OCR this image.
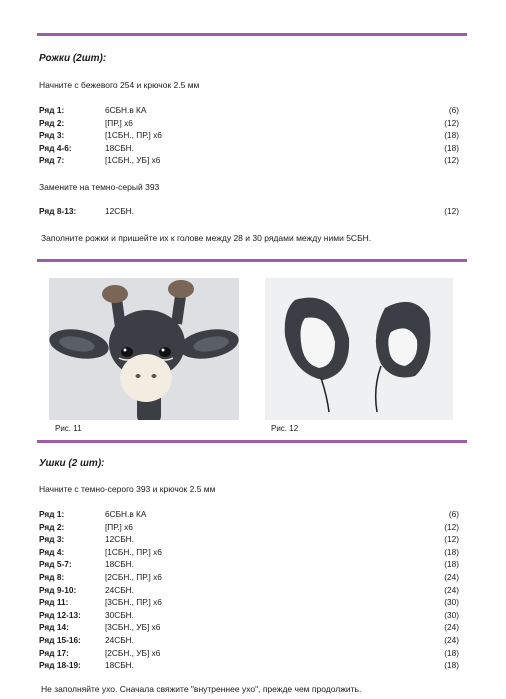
Рожки (2шт):
Начните с бежевого 254 и крючок 2.5 мм
Ряд 1:	6СБН.в КА	(6)
Ряд 2:	[ПР.] х6	(12)
Ряд 3:	[1СБН., ПР.] х6	(18)
Ряд 4-6:	18СБН.	(18)
Ряд 7:	[1СБН., УБ] х6	(12)
Замените на темно-серый 393
Ряд 8-13:	12СБН.	(12)
Заполните рожки и пришейте их к голове между 28 и 30 рядами между ними 5СБН.
Рис. 11	Рис. 12
Ушки (2 шт):
Начните с темно-серого 393 и крючок 2.5 мм
Ряд 1:	6СБН.в КА	(6)
Ряд 2:	[ПР.] х6	(12)
Ряд 3:	12СБН.	(12)
Ряд 4:	[1СБН., ПР.] х6	(18)
Ряд 5-7:	18СБН.	(18)
Ряд 8:	[2СБН., ПР.] х6	(24)
Ряд 9-10:	24СБН.	(24)
Ряд 11:	[3СБН., ПР.] х6	(30)
Ряд 12-13:	30СБН.	(30)
Ряд 14:	[3СБН., УБ] х6	(24)
Ряд 15-16:	24СБН.	(24)
Ряд 17:	[2СБН., УБ] х6	(18)
Ряд 18-19:	18СБН.	(18)
Не заполняйте ухо. Сначала свяжите "внутреннее ухо", прежде чем продолжить.
